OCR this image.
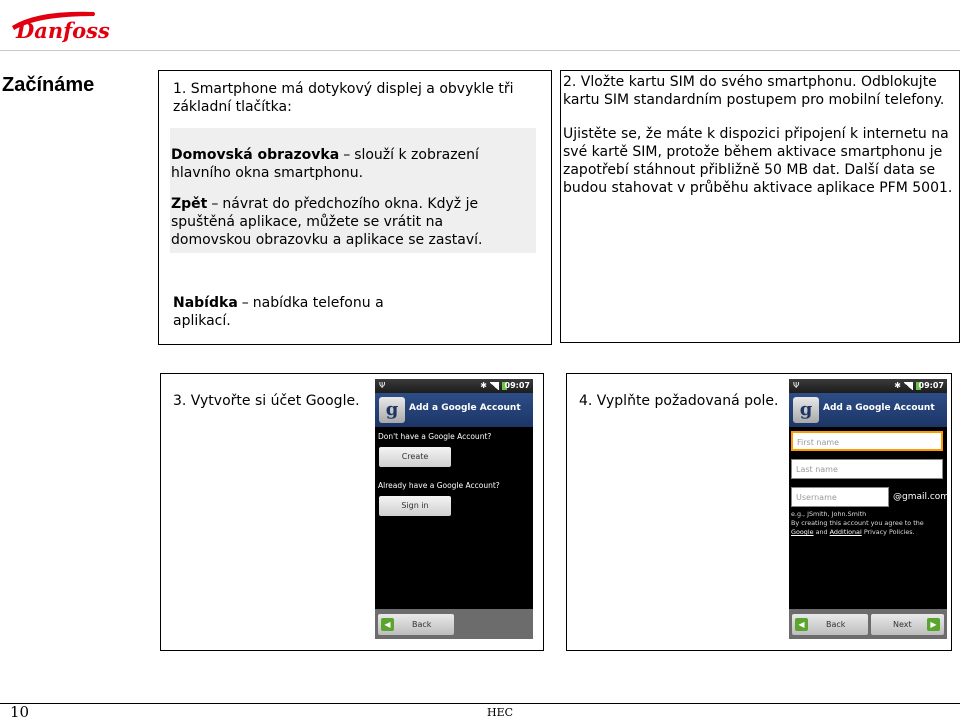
Danfoss
Začínáme	1. Smartphone má dotykový displej a obvykle tři základní tlačítka:
Domovská obrazovka – slouží k zobrazení hlavního okna smartphonu.
Zpět – návrat do předchozího okna. Když je spuštěná aplikace, můžete se vrátit na domovskou obrazovku a aplikace se zastaví.
Nabídka – nabídka telefonu a aplikací.
2. Vložte kartu SIM do svého smartphonu. Odblokujte kartu SIM standardním postupem pro mobilní telefony.
Ujistěte se, že máte k dispozici připojení k internetu na své kartě SIM, protože během aktivace smartphonu je zapotřebí stáhnout přibližně 50 MB dat. Další data se budou stahovat v průběhu aktivace aplikace PFM 5001.
3. Vytvořte si účet Google.
Ψ	✱ 09:07
g	Add a Google Account
Don't have a Google Account?
Create
Already have a Google Account?
Sign in
◀	Back
4. Vyplňte požadovaná pole.
Ψ	✱ 09:07
g	Add a Google Account
First name
Last name
Username	@gmail.com
e.g., JSmith, John.Smith
By creating this account you agree to the
Google and Additional Privacy Policies.
◀	Back	Next	▶
10	HEC
